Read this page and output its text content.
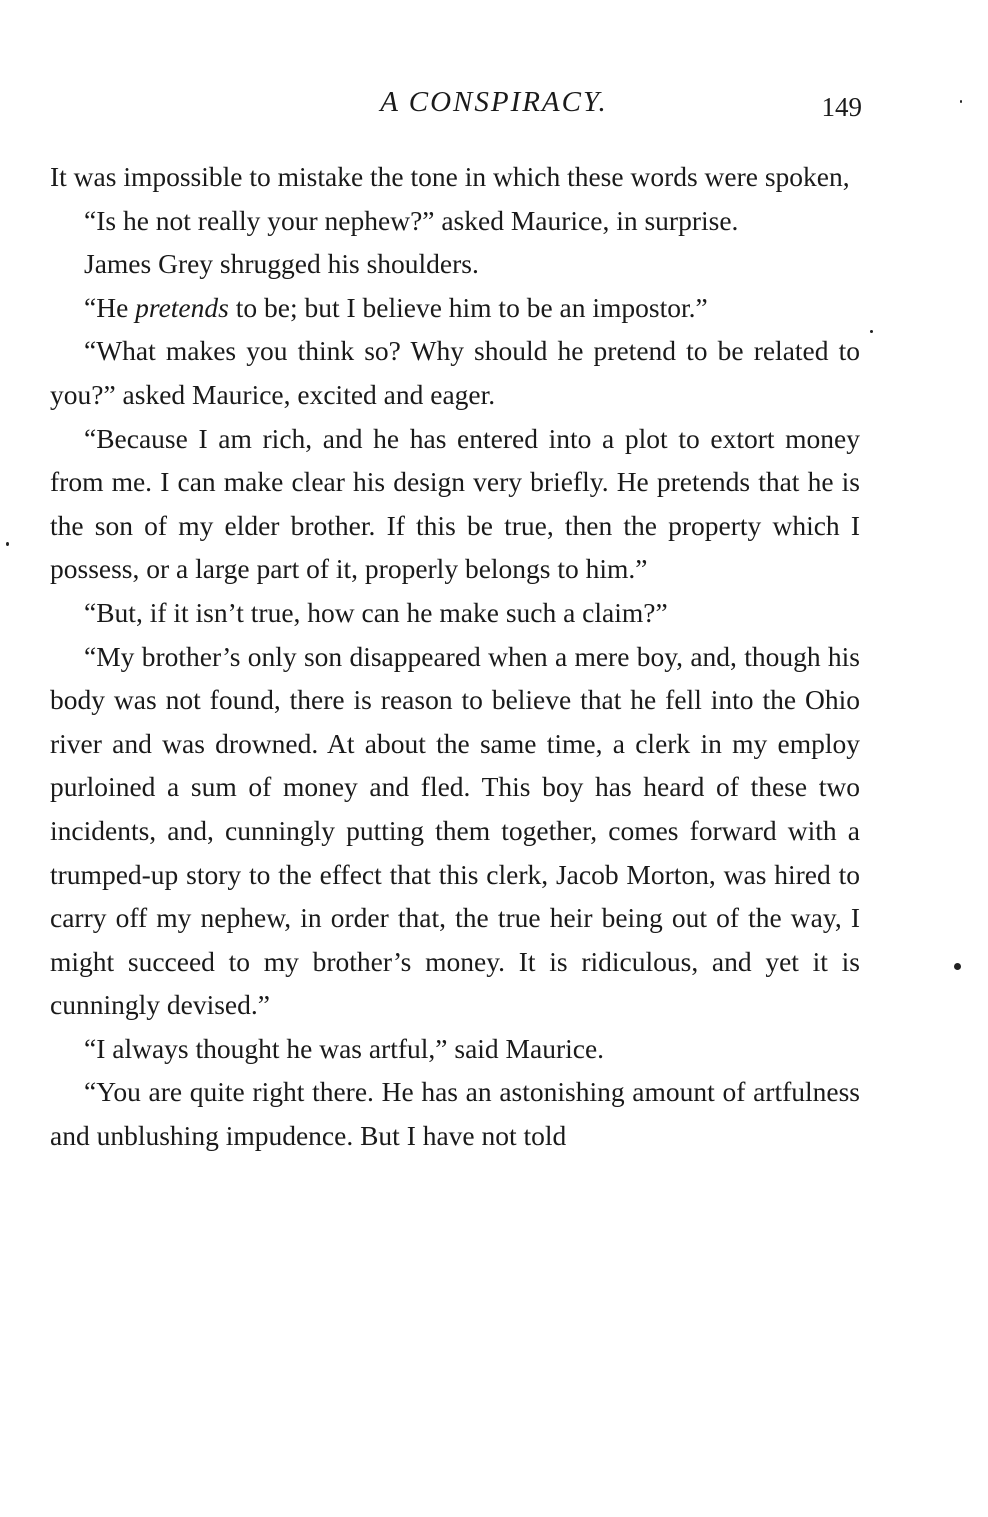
A CONSPIRACY.	149

It was impossible to mistake the tone in which these words were spoken,

“Is he not really your nephew?” asked Maurice, in surprise.

James Grey shrugged his shoulders.

“He pretends to be; but I believe him to be an impostor.”

“What makes you think so? Why should he pretend to be related to you?” asked Maurice, excited and eager.

“Because I am rich, and he has entered into a plot to extort money from me. I can make clear his design very briefly. He pretends that he is the son of my elder brother. If this be true, then the property which I possess, or a large part of it, properly belongs to him.”

“But, if it isn’t true, how can he make such a claim?”

“My brother’s only son disappeared when a mere boy, and, though his body was not found, there is reason to believe that he fell into the Ohio river and was drowned. At about the same time, a clerk in my employ purloined a sum of money and fled. This boy has heard of these two incidents, and, cunningly putting them together, comes forward with a trumped-up story to the effect that this clerk, Jacob Morton, was hired to carry off my nephew, in order that, the true heir being out of the way, I might succeed to my brother’s money. It is ridiculous, and yet it is cunningly devised.”

“I always thought he was artful,” said Maurice.

“You are quite right there. He has an astonishing amount of artfulness and unblushing impudence. But I have not told
